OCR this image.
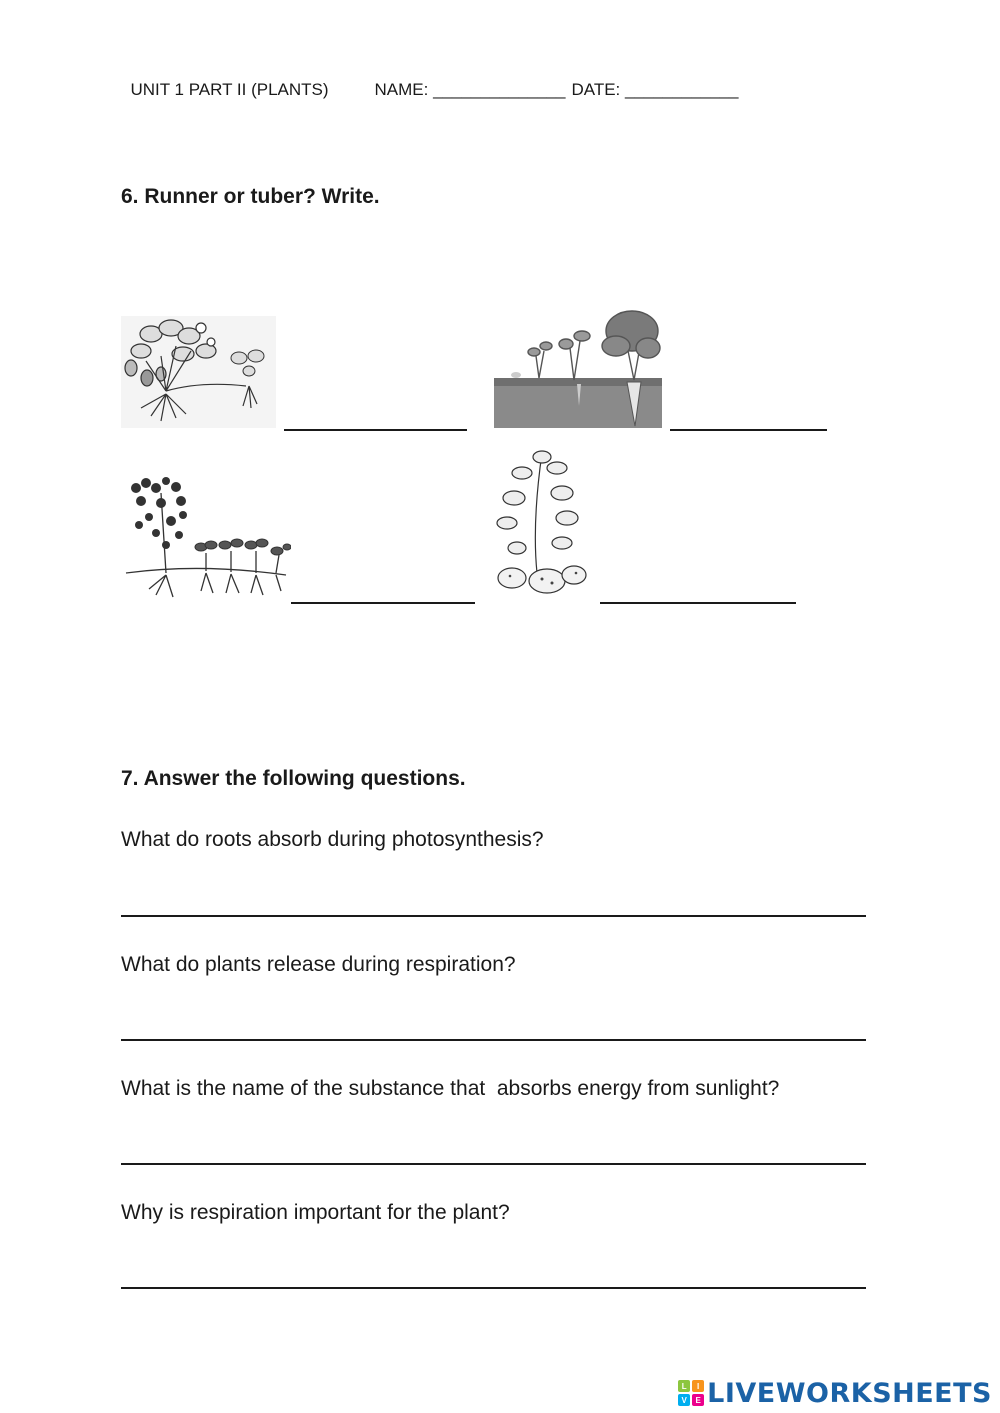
UNIT 1 PART II (PLANTS)	NAME: ______________ DATE: ____________

6. Runner or tuber? Write.
7. Answer the following questions.
What do roots absorb during photosynthesis?
What do plants release during respiration?
What is the name of the substance that  absorbs energy from sunlight?
Why is respiration important for the plant?
L	I
V	E LIVEWORKSHEETS
